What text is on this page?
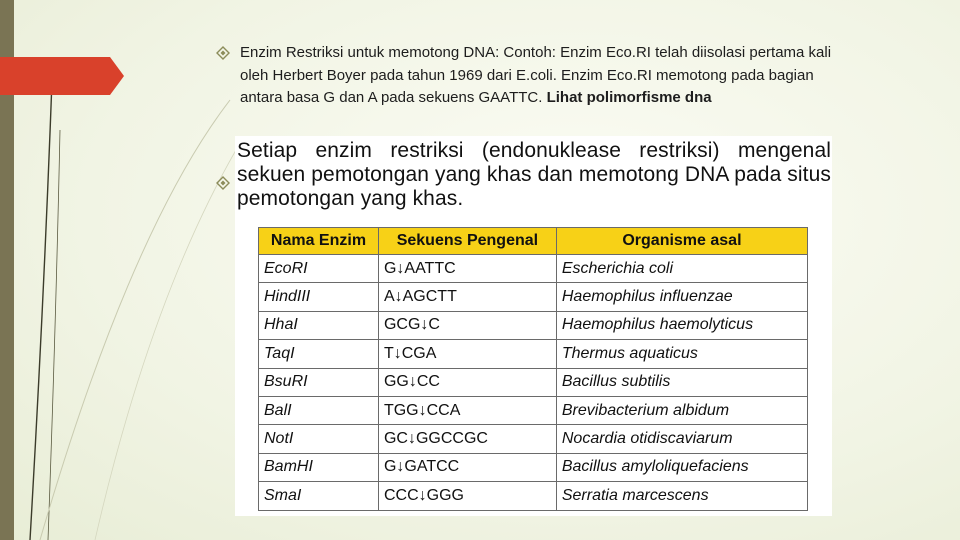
Enzim Restriksi untuk memotong DNA: Contoh: Enzim Eco.RI telah diisolasi pertama kali oleh Herbert Boyer pada tahun 1969 dari E.coli. Enzim Eco.RI memotong pada bagian antara basa G dan A pada sekuens GAATTC. Lihat polimorfisme dna
Setiap enzim restriksi (endonuklease restriksi) mengenal sekuen pemotongan yang khas dan memotong DNA pada situs pemotongan yang khas.
Nama Enzim	Sekuens Pengenal	Organisme asal
EcoRI	G↓AATTC	Escherichia coli
HindIII	A↓AGCTT	Haemophilus influenzae
HhaI	GCG↓C	Haemophilus haemolyticus
TaqI	T↓CGA	Thermus aquaticus
BsuRI	GG↓CC	Bacillus subtilis
BalI	TGG↓CCA	Brevibacterium albidum
NotI	GC↓GGCCGC	Nocardia otidiscaviarum
BamHI	G↓GATCC	Bacillus amyloliquefaciens
SmaI	CCC↓GGG	Serratia marcescens
